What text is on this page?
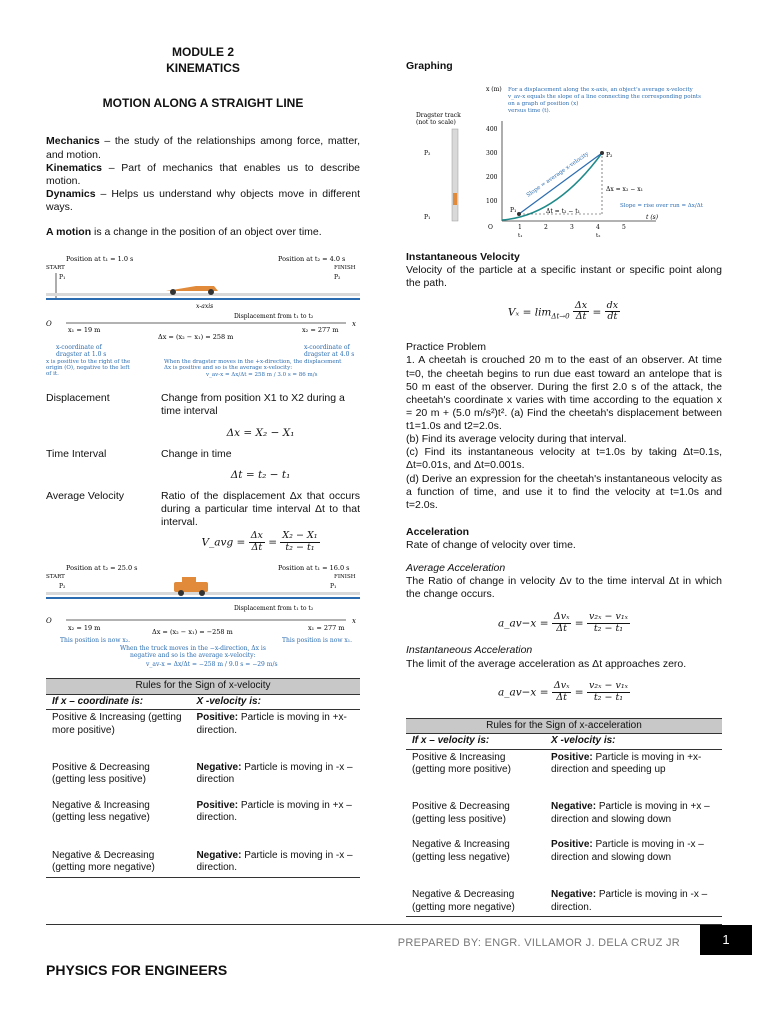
MODULE 2
KINEMATICS
MOTION ALONG A STRAIGHT LINE

Mechanics – the study of the relationships among force, matter, and motion.

Kinematics – Part of mechanics that enables us to describe motion.

Dynamics – Helps us understand why objects move in different ways.

A motion is a change in the position of an object over time.

Position at t₁ = 1.0 s	Position at t₂ = 4.0 s
START	FINISH
P₁	P₂
x-axis
Displacement from t₁ to t₂
O	x
x₁ = 19 m	x₂ = 277 m
Δx = (x₂ − x₁) = 258 m
x-coordinate of
dragster at 1.0 s
x-coordinate of
dragster at 4.0 s
x is positive to the right of the
origin (O), negative to the left
of it.
When the dragster moves in the +x-direction, the displacement
Δx is positive and so is the average x-velocity:
v_av-x = Δx/Δt = 258 m / 3.0 s = 86 m/s
Displacement	Change from position X1 to X2 during a time interval
Δx = X₂ − X₁
Time Interval	Change in time
Δt = t₂ − t₁
Average Velocity	Ratio of the displacement Δx that occurs during a particular time interval Δt to that interval.
V_avg = $\frac{\Delta x}{\Delta t} = \frac{\text{X₂ − X₁}}{\text{t₂ − t₁}}$
Position at t₂ = 25.0 s	Position at t₁ = 16.0 s
START	FINISH
P₂	P₁
Displacement from t₁ to t₂
O	x
x₂ = 19 m	x₁ = 277 m
Δx = (x₂ − x₁) = −258 m
This position is now x₂.	This position is now x₁.
When the truck moves in the −x-direction, Δx is
negative and so is the average x-velocity:
v_av-x = Δx/Δt = −258 m / 9.0 s = −29 m/s
Rules for the Sign of x-velocity	
If x – coordinate is:	X -velocity is:
Positive & Increasing (getting more positive)	Positive: Particle is moving in +x-direction.
Positive & Decreasing (getting less positive)	Negative: Particle is moving in -x – direction
Negative & Increasing (getting less negative)	Positive: Particle is moving in +x – direction.
Negative & Decreasing (getting more negative)	Negative: Particle is moving in -x – direction.
Graphing
x (m) For a displacement along the x-axis, an object's average x-velocity
v_av-x equals the slope of a line connecting the corresponding points
on a graph of position (x)
versus time (t).
Dragster track
(not to scale)
P₂
P₁
400
300
200
100
O	1	2	3	4	5
t (s)
P₂
P₁
Δx = x₂ − x₁
Slope = rise over run = Δx/Δt
Δt = t₂ − t₁
Slope = average x-velocity
t₁	t₂
Instantaneous Velocity

Velocity of the particle at a specific instant or specific point along the path.

$V_x = \lim_{\Delta t\to 0} \frac{\Delta x}{\Delta t} = \frac{dx}{dt}$

Practice Problem

1. A cheetah is crouched 20 m to the east of an observer. At time t=0, the cheetah begins to run due east toward an antelope that is 50 m east of the observer. During the first 2.0 s of the attack, the cheetah's coordinate x varies with time according to the equation x = 20 m + (5.0 m/s²)t². (a) Find the cheetah's displacement between t1=1.0s and t2=2.0s.

(b) Find its average velocity during that interval.

(c) Find its instantaneous velocity at t=1.0s by taking Δt=0.1s, Δt=0.01s, and Δt=0.001s.

(d) Derive an expression for the cheetah's instantaneous velocity as a function of time, and use it to find the velocity at t=1.0s and t=2.0s.

Acceleration

Rate of change of velocity over time.

Average Acceleration

The Ratio of change in velocity Δv to the time interval Δt in which the change occurs.

a_av−x = $\frac{\text{Δvₓ}}{\Delta t} = \frac{\text{v₂ₓ − v₁ₓ}}{\text{t₂ − t₁}}$

Instantaneous Acceleration

The limit of the average acceleration as Δt approaches zero.

a_av−x = $\frac{\text{Δvₓ}}{\Delta t} = \frac{\text{v₂ₓ − v₁ₓ}}{\text{t₂ − t₁}}$
Rules for the Sign of x-acceleration	
If x – velocity is:	X -velocity is:
Positive & Increasing (getting more positive)	Positive: Particle is moving in +x-direction and speeding up
Positive & Decreasing (getting less positive)	Negative: Particle is moving in +x – direction and slowing down
Negative & Increasing (getting less negative)	Positive: Particle is moving in -x – direction and slowing down
Negative & Decreasing (getting more negative)	Negative: Particle is moving in -x – direction.
PREPARED BY: ENGR. VILLAMOR J. DELA CRUZ JR	1
PHYSICS FOR ENGINEERS
